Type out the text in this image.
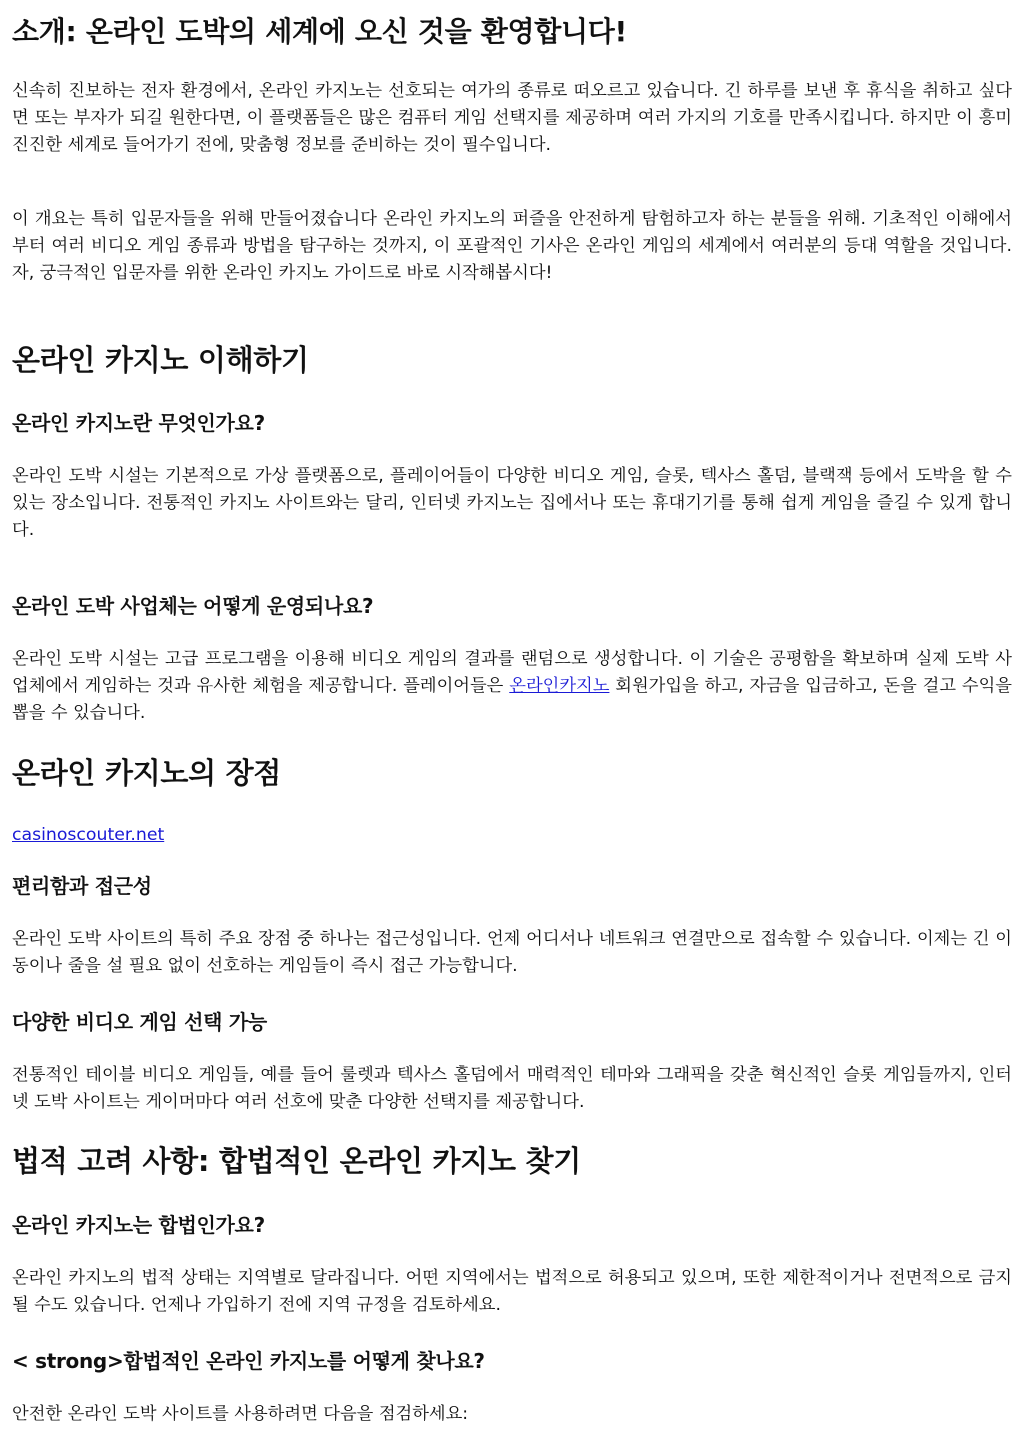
소개: 온라인 도박의 세계에 오신 것을 환영합니다!

신속히 진보하는 전자 환경에서, 온라인 카지노는 선호되는 여가의 종류로 떠오르고 있습니다. 긴 하루를 보낸 후 휴식을 취하고 싶다면 또는 부자가 되길 원한다면, 이 플랫폼들은 많은 컴퓨터 게임 선택지를 제공하며 여러 가지의 기호를 만족시킵니다. 하지만 이 흥미진진한 세계로 들어가기 전에, 맞춤형 정보를 준비하는 것이 필수입니다.

이 개요는 특히 입문자들을 위해 만들어졌습니다 온라인 카지노의 퍼즐을 안전하게 탐험하고자 하는 분들을 위해. 기초적인 이해에서부터 여러 비디오 게임 종류과 방법을 탐구하는 것까지, 이 포괄적인 기사은 온라인 게임의 세계에서 여러분의 등대 역할을 것입니다. 자, 궁극적인 입문자를 위한 온라인 카지노 가이드로 바로 시작해봅시다!

온라인 카지노 이해하기
온라인 카지노란 무엇인가요?

온라인 도박 시설는 기본적으로 가상 플랫폼으로, 플레이어들이 다양한 비디오 게임, 슬롯, 텍사스 홀덤, 블랙잭 등에서 도박을 할 수 있는 장소입니다. 전통적인 카지노 사이트와는 달리, 인터넷 카지노는 집에서나 또는 휴대기기를 통해 쉽게 게임을 즐길 수 있게 합니다.

온라인 도박 사업체는 어떻게 운영되나요?

온라인 도박 시설는 고급 프로그램을 이용해 비디오 게임의 결과를 랜덤으로 생성합니다. 이 기술은 공평함을 확보하며 실제 도박 사업체에서 게임하는 것과 유사한 체험을 제공합니다. 플레이어들은 온라인카지노 회원가입을 하고, 자금을 입금하고, 돈을 걸고 수익을 뽑을 수 있습니다.

온라인 카지노의 장점

casinoscouter.net

편리함과 접근성

온라인 도박 사이트의 특히 주요 장점 중 하나는 접근성입니다. 언제 어디서나 네트워크 연결만으로 접속할 수 있습니다. 이제는 긴 이동이나 줄을 설 필요 없이 선호하는 게임들이 즉시 접근 가능합니다.

다양한 비디오 게임 선택 가능

전통적인 테이블 비디오 게임들, 예를 들어 룰렛과 텍사스 홀덤에서 매력적인 테마와 그래픽을 갖춘 혁신적인 슬롯 게임들까지, 인터넷 도박 사이트는 게이머마다 여러 선호에 맞춘 다양한 선택지를 제공합니다.

법적 고려 사항: 합법적인 온라인 카지노 찾기
온라인 카지노는 합법인가요?

온라인 카지노의 법적 상태는 지역별로 달라집니다. 어떤 지역에서는 법적으로 허용되고 있으며, 또한 제한적이거나 전면적으로 금지될 수도 있습니다. 언제나 가입하기 전에 지역 규정을 검토하세요.

< strong>합법적인 온라인 카지노를 어떻게 찾나요?

안전한 온라인 도박 사이트를 사용하려면 다음을 점검하세요:
